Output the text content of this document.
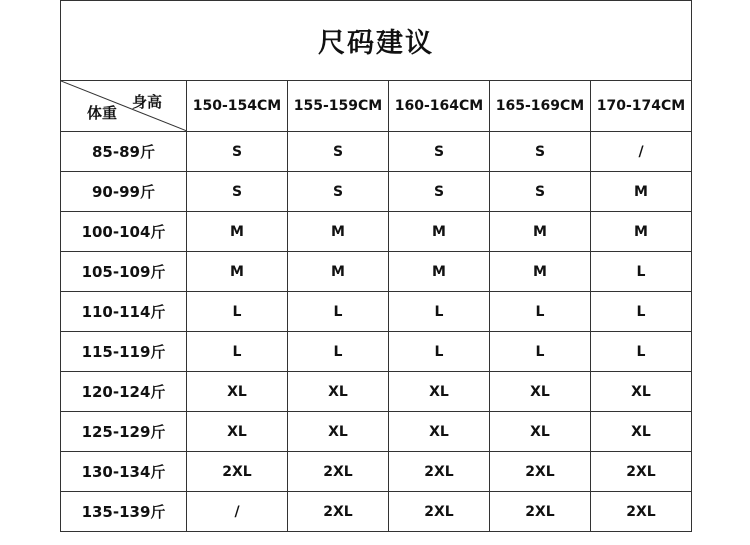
尺码建议
身高
体重	150-154CM	155-159CM	160-164CM	165-169CM	170-174CM
85-89斤	S	S	S	S	/
90-99斤	S	S	S	S	M
100-104斤	M	M	M	M	M
105-109斤	M	M	M	M	L
110-114斤	L	L	L	L	L
115-119斤	L	L	L	L	L
120-124斤	XL	XL	XL	XL	XL
125-129斤	XL	XL	XL	XL	XL
130-134斤	2XL	2XL	2XL	2XL	2XL
135-139斤	/	2XL	2XL	2XL	2XL
